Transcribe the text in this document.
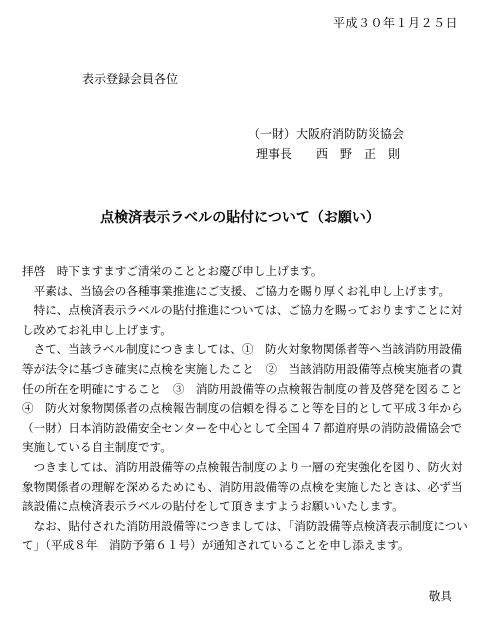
平成３０年１月２５日
表示登録会員各位
（一財）大阪府消防防災協会
理事長　　西　野　正　則
点検済表示ラベルの貼付について（お願い）

拝啓　時下ますますご清栄のこととお慶び申し上げます。

平素は、当協会の各種事業推進にご支援、ご協力を賜り厚くお礼申し上げます。

特に、点検済表示ラベルの貼付推進については、ご協力を賜っておりますことに対し改めてお礼申し上げます。

さて、当該ラベル制度につきましては、①　防火対象物関係者等へ当該消防用設備等が法令に基づき確実に点検を実施したこと　②　当該消防用設備等点検実施者の責任の所在を明確にすること　③　消防用設備等の点検報告制度の普及啓発を図ること　④　防火対象物関係者の点検報告制度の信頼を得ること等を目的として平成３年から（一財）日本消防設備安全センターを中心として全国４７都道府県の消防設備協会で実施している自主制度です。

つきましては、消防用設備等の点検報告制度のより一層の充実強化を図り、防火対象物関係者の理解を深めるためにも、消防用設備等の点検を実施したときは、必ず当該設備に点検済表示ラベルの貼付をして頂きますようお願いいたします。

なお、貼付された消防用設備等につきましては、「消防設備等点検済表示制度について」（平成８年　消防予第６１号）が通知されていることを申し添えます。

敬具
